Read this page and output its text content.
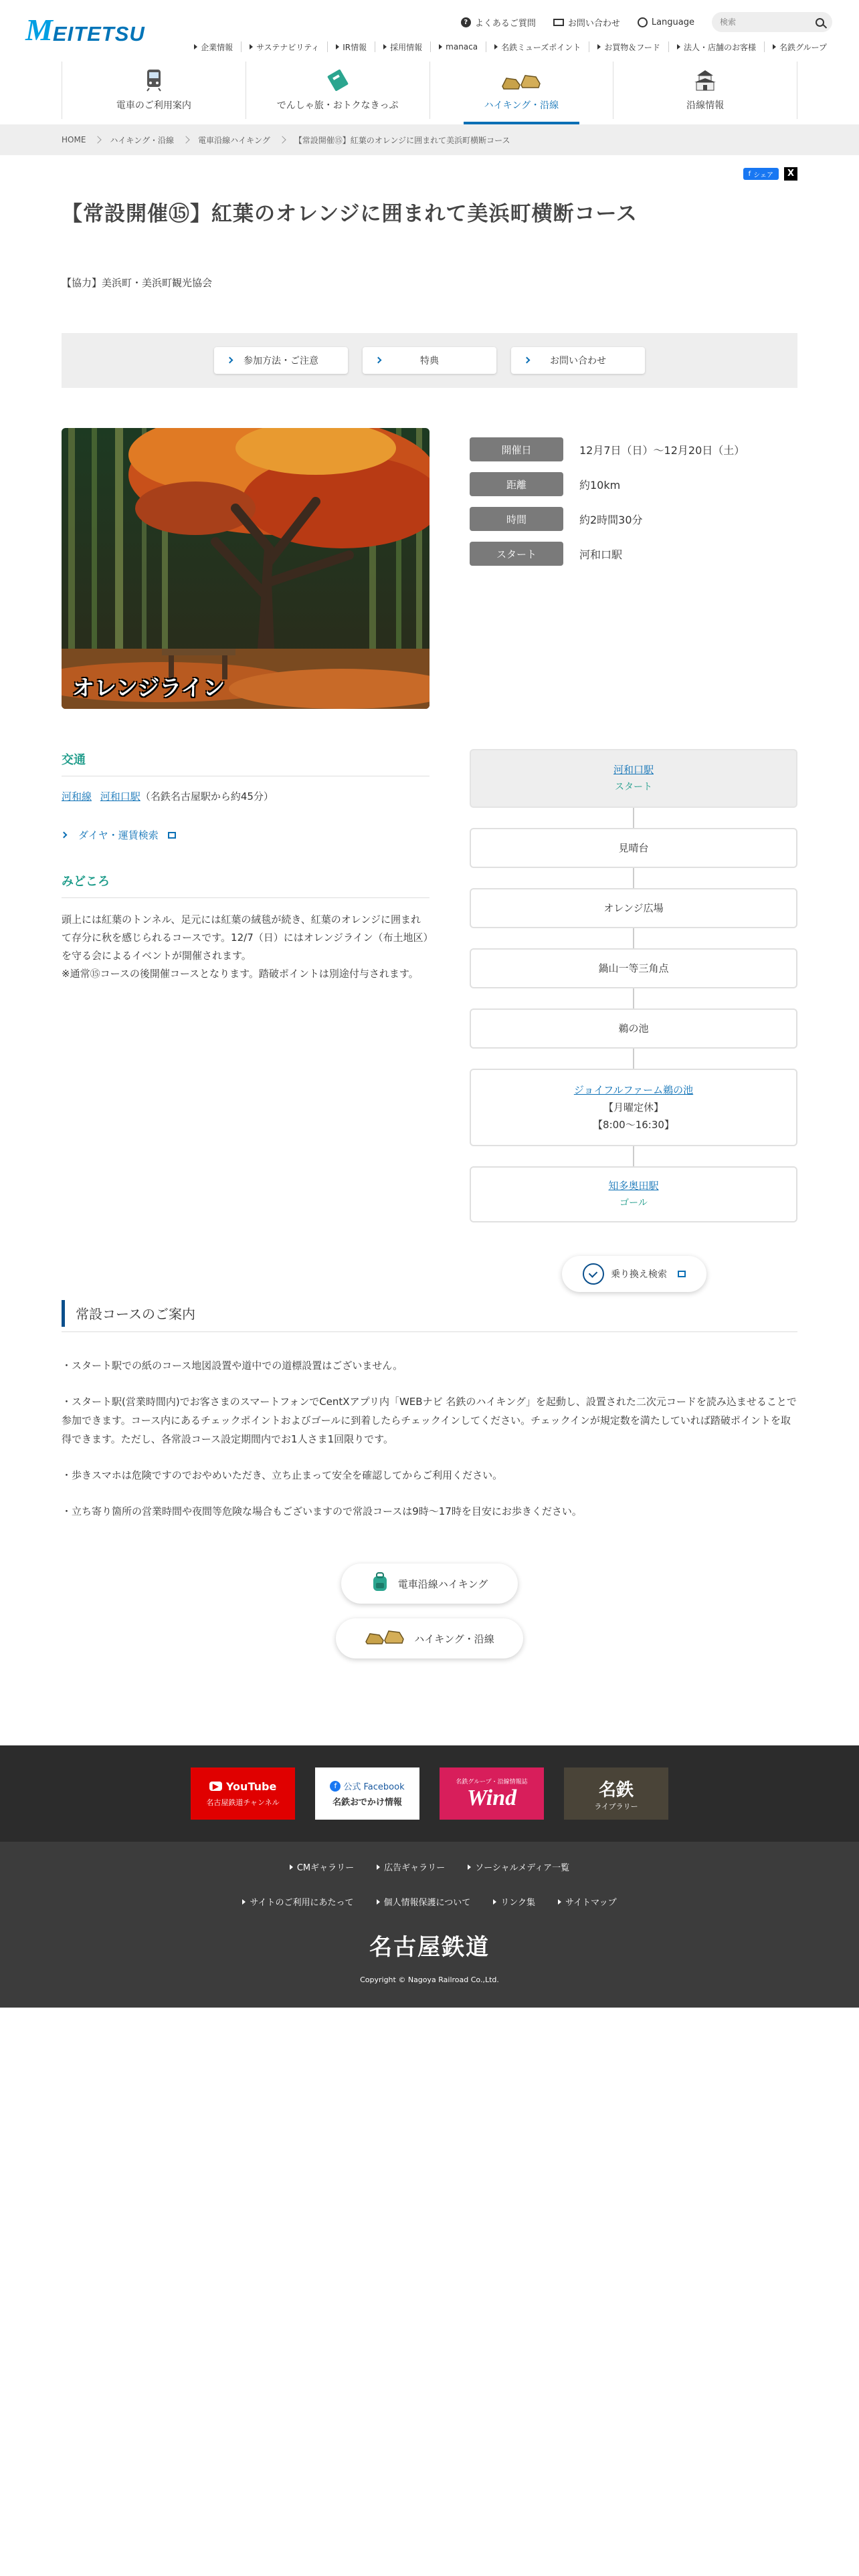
M EITETSU	? よくあるご質問	お問い合わせ	Language
検索
企業情報	サステナビリティ	IR情報	採用情報	manaca	名鉄ミューズポイント	お買物＆フード	法人・店舗のお客様	名鉄グループ
電車のご利用案内	でんしゃ旅・おトクなきっぷ	ハイキング・沿線	沿線情報
HOME	ハイキング・沿線	電車沿線ハイキング	【常設開催⑮】紅葉のオレンジに囲まれて美浜町横断コース
f シェア	X
【常設開催⑮】紅葉のオレンジに囲まれて美浜町横断コース

【協力】美浜町・美浜町観光協会

参加方法・ご注意	特典	お問い合わせ
オレンジライン
開催日	12月7日（日）～12月20日（土）
距離	約10km
時間	約2時間30分
スタート	河和口駅
交通

河和線 河和口駅（名鉄名古屋駅から約45分）

ダイヤ・運賃検索
みどころ

頭上には紅葉のトンネル、足元には紅葉の絨毯が続き、紅葉のオレンジに囲まれて存分に秋を感じられるコースです。12/7（日）にはオレンジライン（布土地区）を守る会によるイベントが開催されます。

※通常⑮コースの後開催コースとなります。踏破ポイントは別途付与されます。

河和口駅
スタート
見晴台
オレンジ広場
鍋山一等三角点
鵜の池
ジョイフルファーム鵜の池
【月曜定休】
【8:00～16:30】
知多奥田駅
ゴール
乗り換え検索
常設コースのご案内

・スタート駅での紙のコース地図設置や道中での道標設置はございません。

・スタート駅(営業時間内)でお客さまのスマートフォンでCentXアプリ内「WEBナビ 名鉄のハイキング」を起動し、設置された二次元コードを読み込ませることで参加できます。コース内にあるチェックポイントおよびゴールに到着したらチェックインしてください。チェックインが規定数を満たしていれば踏破ポイントを取得できます。ただし、各常設コース設定期間内でお1人さま1回限りです。

・歩きスマホは危険ですのでおやめいただき、立ち止まって安全を確認してからご利用ください。

・立ち寄り箇所の営業時間や夜間等危険な場合もございますので常設コースは9時～17時を目安にお歩きください。

電車沿線ハイキング
ハイキング・沿線
▶ YouTube
名古屋鉄道チャンネル
f 公式 Facebook
名鉄おでかけ情報
名鉄グループ・沿線情報誌
Wind	名鉄
ライブラリー
CMギャラリー	広告ギャラリー	ソーシャルメディア一覧
サイトのご利用にあたって	個人情報保護について	リンク集	サイトマップ
名古屋鉄道
Copyright © Nagoya Railroad Co.,Ltd.
